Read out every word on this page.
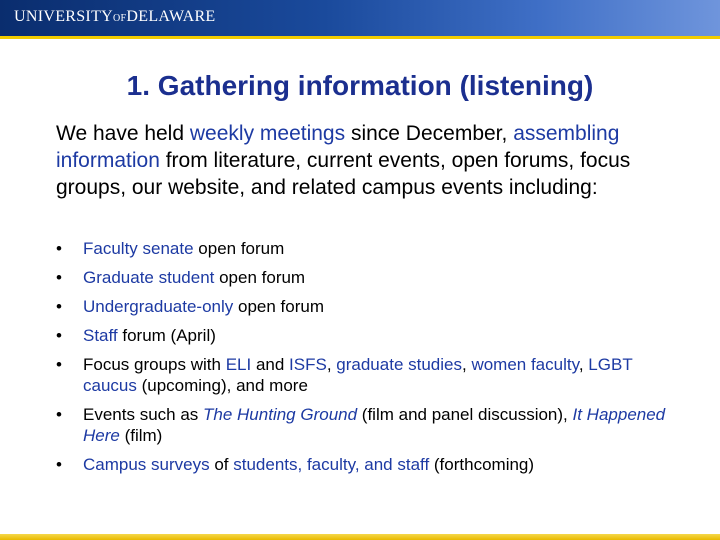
UNIVERSITYOFDELAWARE
1. Gathering information (listening)
We have held weekly meetings since December, assembling information from literature, current events, open forums, focus groups, our website, and related campus events including:
• Faculty senate open forum
• Graduate student open forum
• Undergraduate-only open forum
• Staff forum (April)
• Focus groups with ELI and ISFS, graduate studies, women faculty, LGBT caucus (upcoming), and more
• Events such as The Hunting Ground (film and panel discussion), It Happened Here (film)
• Campus surveys of students, faculty, and staff (forthcoming)
